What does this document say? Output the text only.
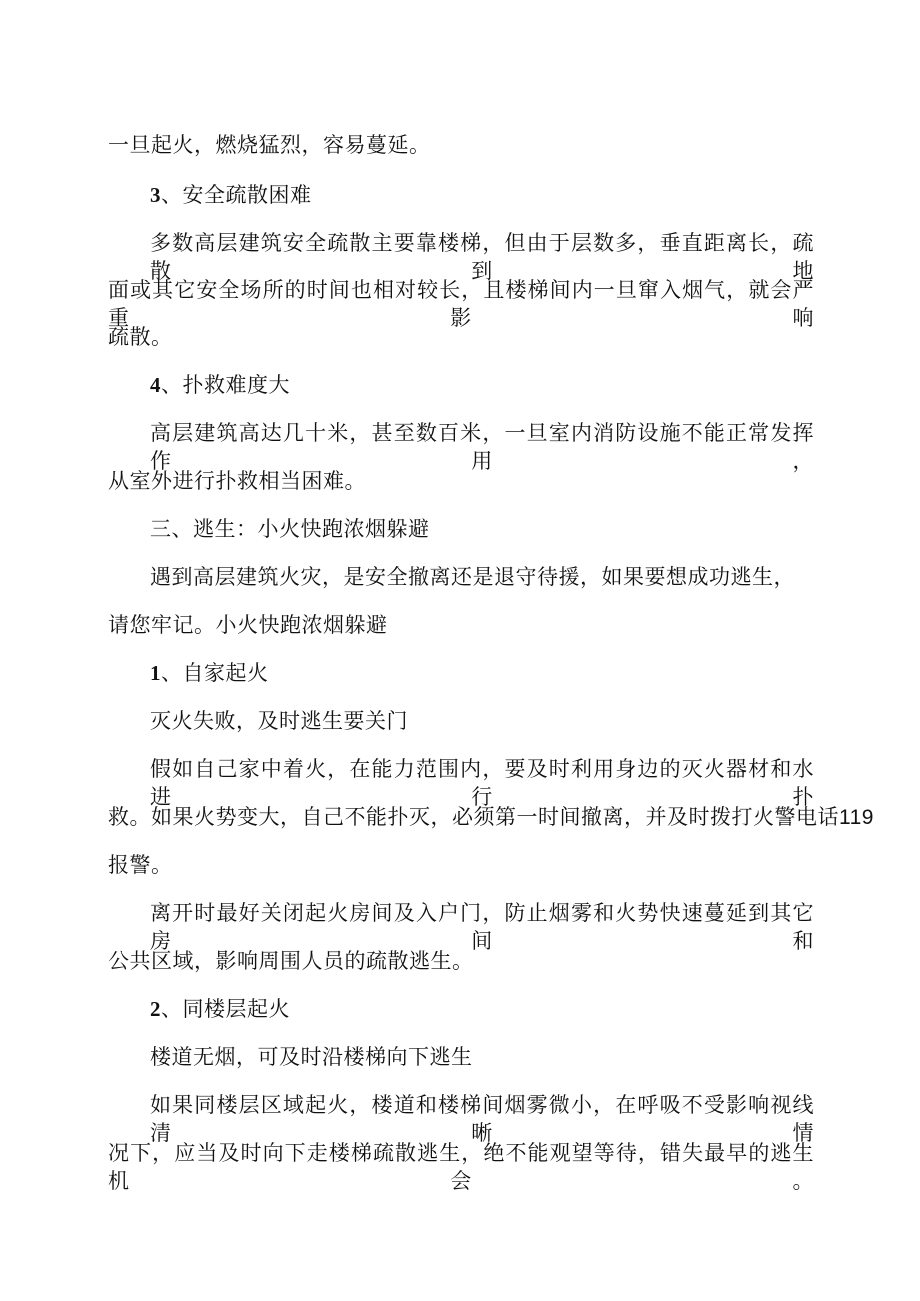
一旦起火，燃烧猛烈，容易蔓延。
3、安全疏散困难
多数高层建筑安全疏散主要靠楼梯，但由于层数多，垂直距离长，疏散到地
面或其它安全场所的时间也相对较长，且楼梯间内一旦窜入烟气，就会严重影响
疏散。
4、扑救难度大
高层建筑高达几十米，甚至数百米，一旦室内消防设施不能正常发挥作用，
从室外进行扑救相当困难。
三、逃生：小火快跑浓烟躲避
遇到高层建筑火灾，是安全撤离还是退守待援，如果要想成功逃生，
请您牢记。小火快跑浓烟躲避
1、自家起火
灭火失败，及时逃生要关门
假如自己家中着火，在能力范围内，要及时利用身边的灭火器材和水进行扑
救。如果火势变大，自己不能扑灭，必须第一时间撤离，并及时拨打火警电话119
报警。
离开时最好关闭起火房间及入户门，防止烟雾和火势快速蔓延到其它房间和
公共区域，影响周围人员的疏散逃生。
2、同楼层起火
楼道无烟，可及时沿楼梯向下逃生
如果同楼层区域起火，楼道和楼梯间烟雾微小，在呼吸不受影响视线清晰情
况下，应当及时向下走楼梯疏散逃生，绝不能观望等待，错失最早的逃生机会。
